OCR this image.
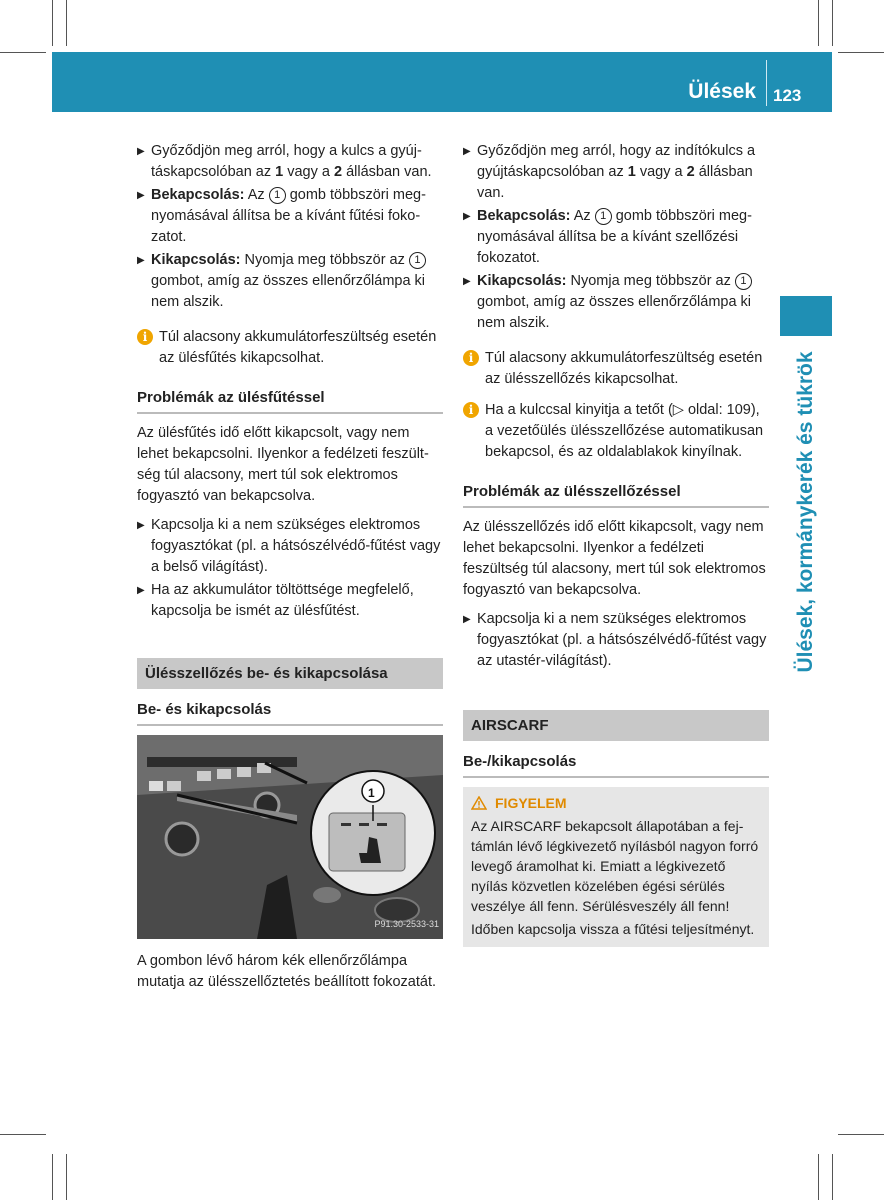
Ülések 123
Ülések, kormánykerék és tükrök
▶ Győződjön meg arról, hogy a kulcs a gyújtáskapcsolóban az 1 vagy a 2 állásban van.
▶ Bekapcsolás: Az 1 gomb többszöri megnyomásával állítsa be a kívánt fűtési fokozatot.
▶ Kikapcsolás: Nyomja meg többször az 1 gombot, amíg az összes ellenőrzőlámpa ki nem alszik.
i Túl alacsony akkumulátorfeszültség esetén az ülésfűtés kikapcsolhat.
Problémák az ülésfűtéssel
Az ülésfűtés idő előtt kikapcsolt, vagy nem lehet bekapcsolni. Ilyenkor a fedélzeti feszültség túl alacsony, mert túl sok elektromos fogyasztó van bekapcsolva.
▶ Kapcsolja ki a nem szükséges elektromos fogyasztókat (pl. a hátsószélvédő-fűtést vagy a belső világítást).
▶ Ha az akkumulátor töltöttsége megfelelő, kapcsolja be ismét az ülésfűtést.
Ülésszellőzés be- és kikapcsolása
Be- és kikapcsolás
1
P91.30-2533-31
A gombon lévő három kék ellenőrzőlámpa mutatja az ülésszellőztetés beállított fokozatát.
▶ Győződjön meg arról, hogy az indítókulcs a gyújtáskapcsolóban az 1 vagy a 2 állásban van.
▶ Bekapcsolás: Az 1 gomb többszöri megnyomásával állítsa be a kívánt szellőzési fokozatot.
▶ Kikapcsolás: Nyomja meg többször az 1 gombot, amíg az összes ellenőrzőlámpa ki nem alszik.
i Túl alacsony akkumulátorfeszültség esetén az ülésszellőzés kikapcsolhat.
i Ha a kulccsal kinyitja a tetőt (▷ oldal: 109), a vezetőülés ülésszellőzése automatikusan bekapcsol, és az oldalablakok kinyílnak.
Problémák az ülésszellőzéssel
Az ülésszellőzés idő előtt kikapcsolt, vagy nem lehet bekapcsolni. Ilyenkor a fedélzeti feszültség túl alacsony, mert túl sok elektromos fogyasztó van bekapcsolva.
▶ Kapcsolja ki a nem szükséges elektromos fogyasztókat (pl. a hátsószélvédő-fűtést vagy az utastér-világítást).
AIRSCARF
Be-/kikapcsolás
FIGYELEM
Az AIRSCARF bekapcsolt állapotában a fejtámlán lévő légkivezető nyílásból nagyon forró levegő áramolhat ki. Emiatt a légkivezető nyílás közvetlen közelében égési sérülés veszélye áll fenn. Sérülésveszély áll fenn!
Időben kapcsolja vissza a fűtési teljesítményt.
